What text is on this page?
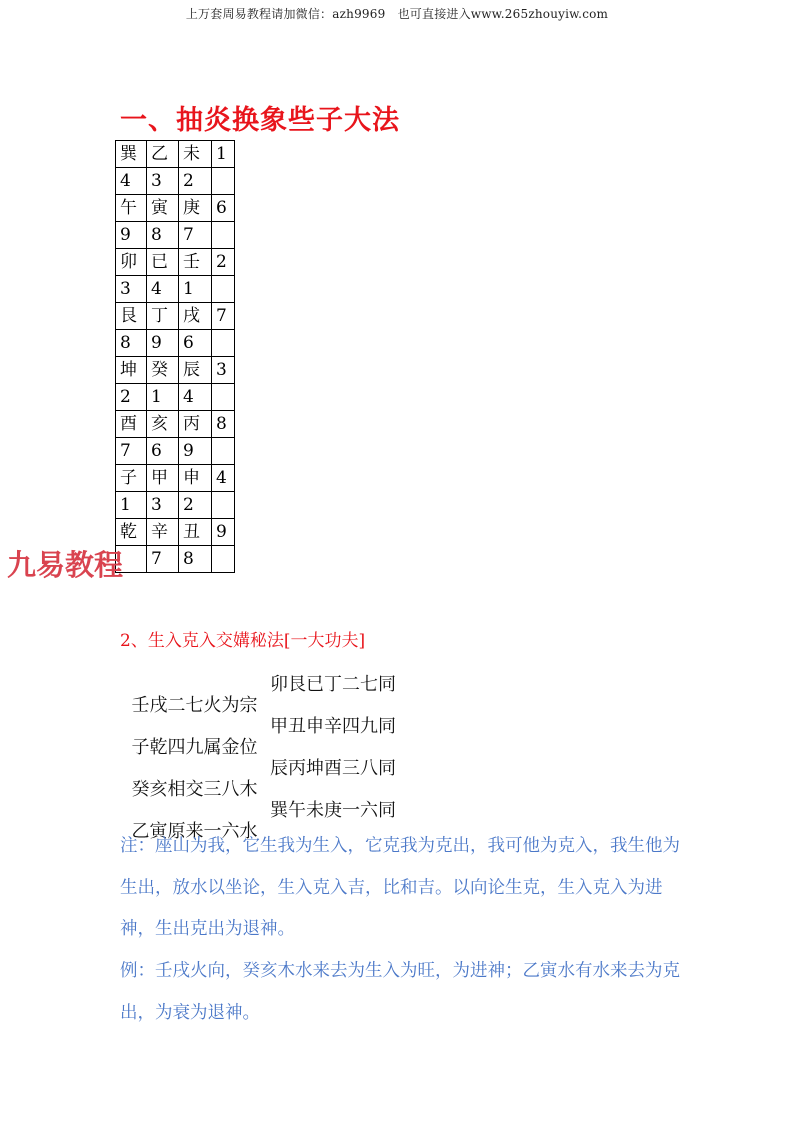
上万套周易教程请加微信：azh9969　也可直接进入www.265zhouyiw.com
一、抽炎换象些子大法
巽	乙	未	1
4	3	2	
午	寅	庚	6
9	8	7	
卯	已	壬	2
3	4	1	
艮	丁	戌	7
8	9	6	
坤	癸	辰	3
2	1	4	
酉	亥	丙	8
7	6	9	
子	甲	申	4
1	3	2	
乾	辛	丑	9
	7	8	
九易教程
2、生入克入交媾秘法[一大功夫]

壬戌二七火为宗

卯艮已丁二七同

子乾四九属金位

甲丑申辛四九同

癸亥相交三八木

辰丙坤酉三八同

乙寅原来一六水

巽午未庚一六同

注：座山为我，它生我为生入，它克我为克出，我可他为克入，我生他为生出，放水以坐论，生入克入吉，比和吉。以向论生克，生入克入为进神，生出克出为退神。
例：壬戌火向，癸亥木水来去为生入为旺，为进神；乙寅水有水来去为克出，为衰为退神。
